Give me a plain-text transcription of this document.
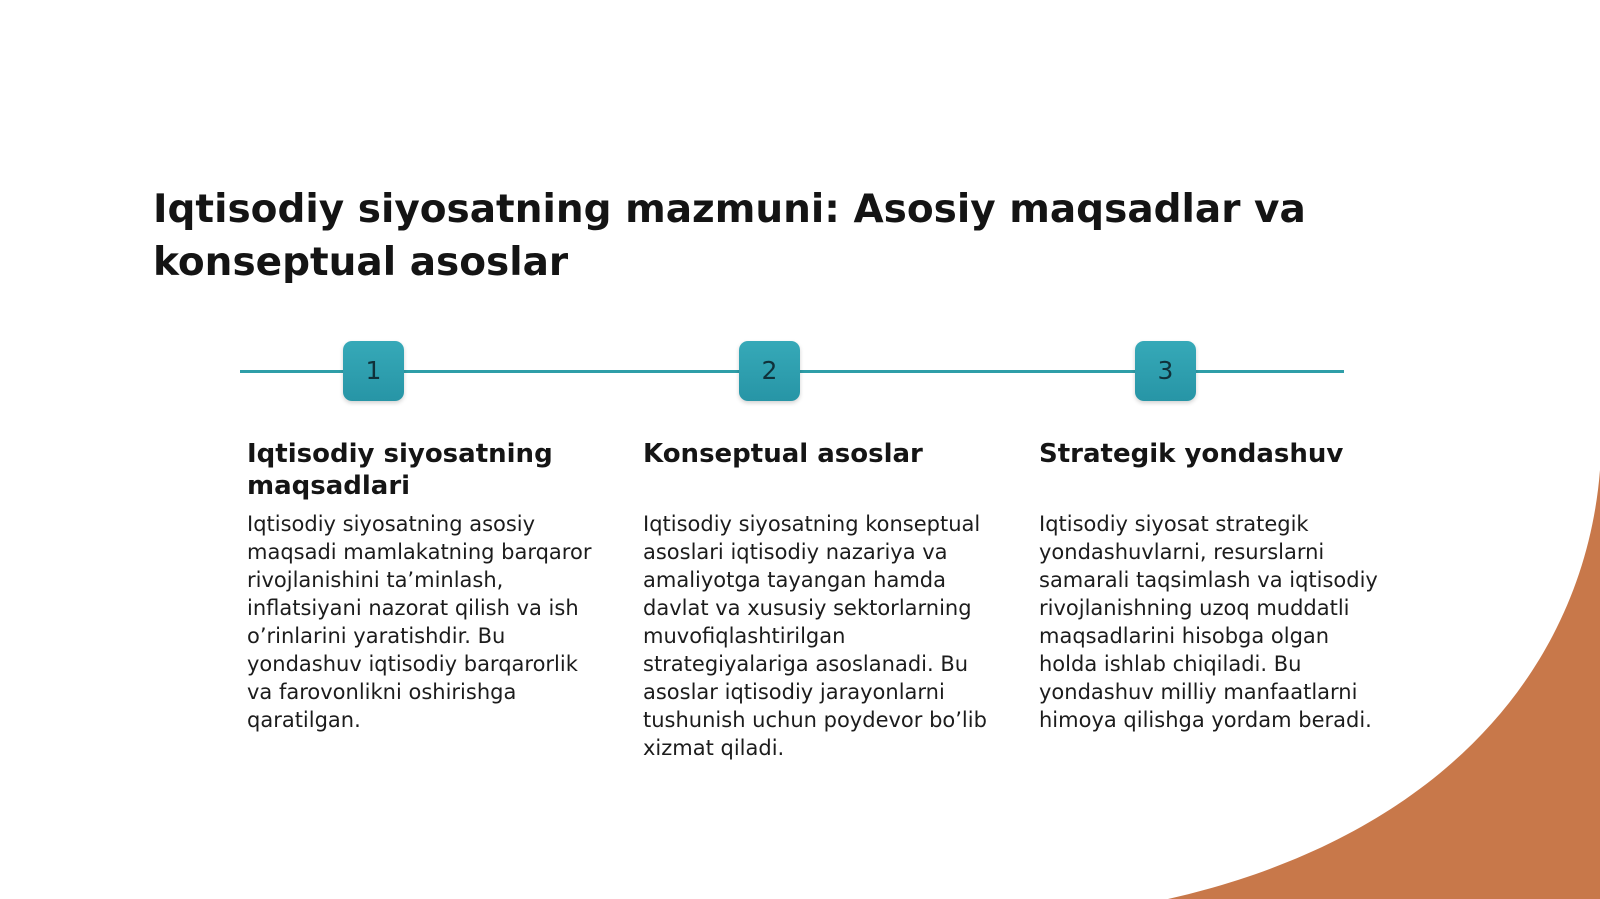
Iqtisodiy siyosatning mazmuni: Asosiy maqsadlar va konseptual asoslar
1	2	3
Iqtisodiy siyosatning maqsadlari

Iqtisodiy siyosatning asosiy maqsadi mamlakatning barqaror rivojlanishini ta’minlash, inflatsiyani nazorat qilish va ish o’rinlarini yaratishdir. Bu yondashuv iqtisodiy barqarorlik va farovonlikni oshirishga qaratilgan.

Konseptual asoslar

Iqtisodiy siyosatning konseptual asoslari iqtisodiy nazariya va amaliyotga tayangan hamda davlat va xususiy sektorlarning muvofiqlashtirilgan strategiyalariga asoslanadi. Bu asoslar iqtisodiy jarayonlarni tushunish uchun poydevor bo’lib xizmat qiladi.

Strategik yondashuv

Iqtisodiy siyosat strategik yondashuvlarni, resurslarni samarali taqsimlash va iqtisodiy rivojlanishning uzoq muddatli maqsadlarini hisobga olgan holda ishlab chiqiladi. Bu yondashuv milliy manfaatlarni himoya qilishga yordam beradi.
